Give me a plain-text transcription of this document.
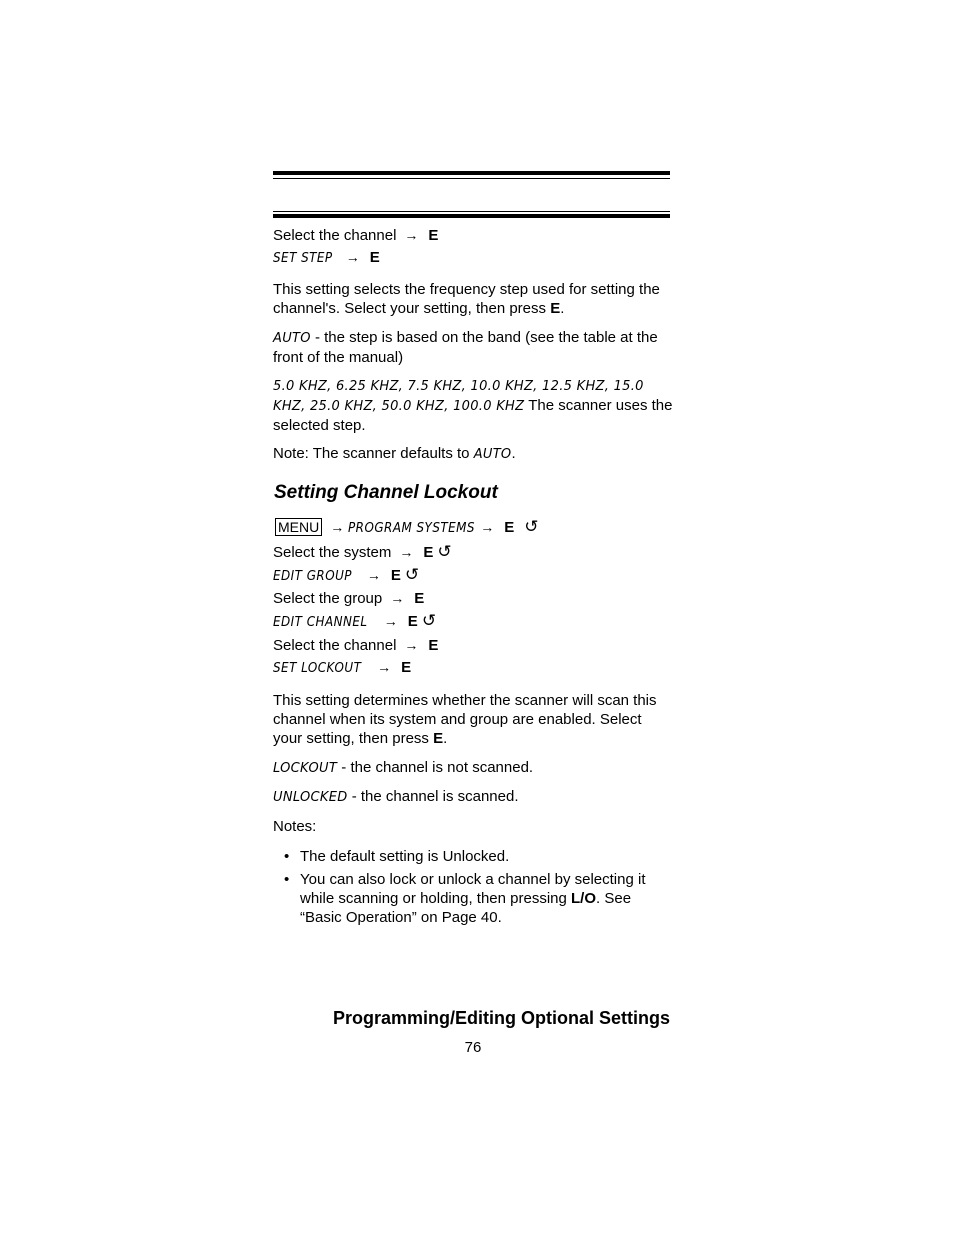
Select the channel → E
SET STEP → E
This setting selects the frequency step used for setting the channel's. Select your setting, then press E.
AUTO - the step is based on the band (see the table at the front of the manual)
5.0 KHZ, 6.25 KHZ, 7.5 KHZ, 10.0 KHZ, 12.5 KHZ, 15.0 KHZ, 25.0 KHZ, 50.0 KHZ, 100.0 KHZ The scanner uses the selected step.
Note: The scanner defaults to AUTO.
Setting Channel Lockout
MENU → PROGRAM SYSTEMS → E ↺
Select the system → E ↺
EDIT GROUP → E ↺
Select the group → E
EDIT CHANNEL → E ↺
Select the channel → E
SET LOCKOUT → E
This setting determines whether the scanner will scan this channel when its system and group are enabled. Select your setting, then press E.
LOCKOUT - the channel is not scanned.
UNLOCKED - the channel is scanned.
Notes:
• The default setting is Unlocked.
• You can also lock or unlock a channel by selecting it while scanning or holding, then pressing L/O. See “Basic Operation” on Page 40.
Programming/Editing Optional Settings
76
